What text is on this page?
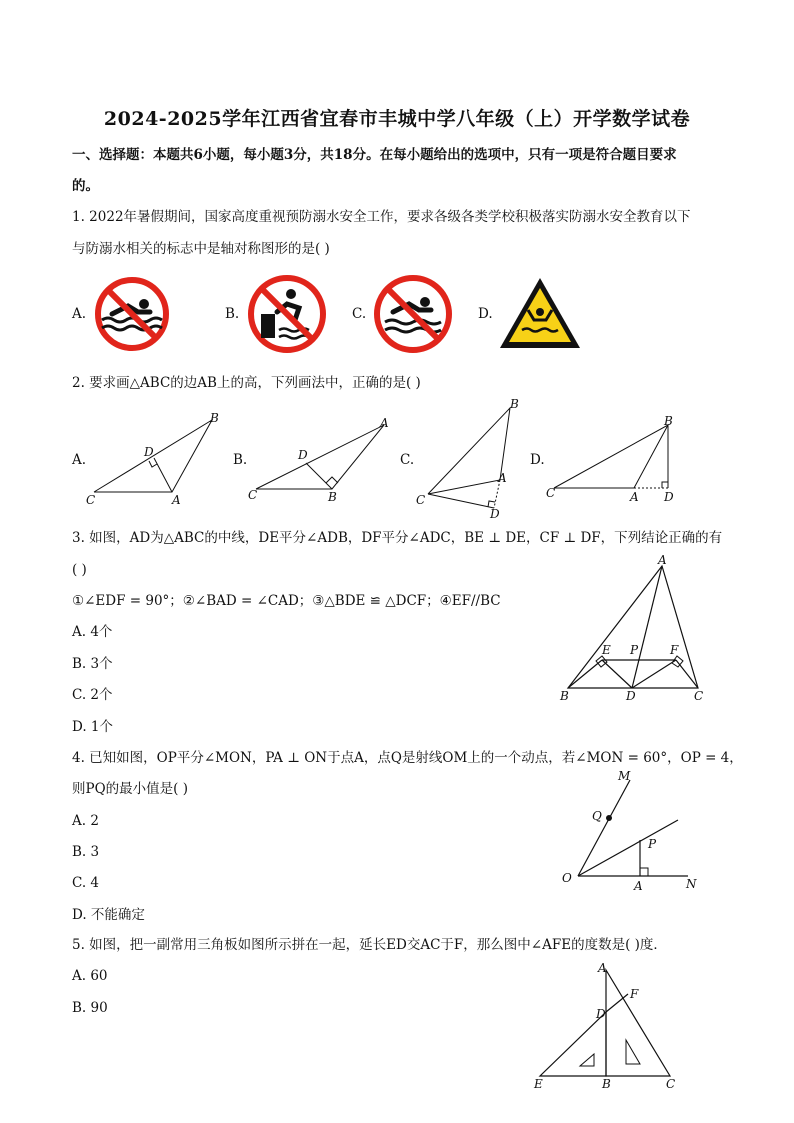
2024-2025学年江西省宜春市丰城中学八年级（上）开学数学试卷
一、选择题：本题共6小题，每小题3分，共18分。在每小题给出的选项中，只有一项是符合题目要求
的。
1. 2022年暑假期间，国家高度重视预防溺水安全工作，要求各级各类学校积极落实防溺水安全教育以下
与防溺水相关的标志中是轴对称图形的是( )
A.	B.	C.	D.
2. 要求画△ABC的边AB上的高，下列画法中，正确的是( )
A.
C	A
B
D	B.
C	B
A
D	C.
C
B
A
D
D.
C	A
B
D
3. 如图，AD为△ABC的中线，DE平分∠ADB，DF平分∠ADC，BE ⊥ DE，CF ⊥ DF，下列结论正确的有
( )
①∠EDF = 90°；②∠BAD = ∠CAD；③△BDE ≌ △DCF；④EF//BC
A. 4个
B. 3个
C. 2个
D. 1个
A
B	D	C
E P	F
4. 已知如图，OP平分∠MON，PA ⊥ ON于点A，点Q是射线OM上的一个动点，若∠MON = 60°，OP = 4，
则PQ的最小值是( )
A. 2
B. 3
C. 4
D. 不能确定
O
A	N
M
Q
P
5. 如图，把一副常用三角板如图所示拼在一起，延长ED交AC于F，那么图中∠AFE的度数是( )度．
A. 60
B. 90
A
F
D
E	B	C
